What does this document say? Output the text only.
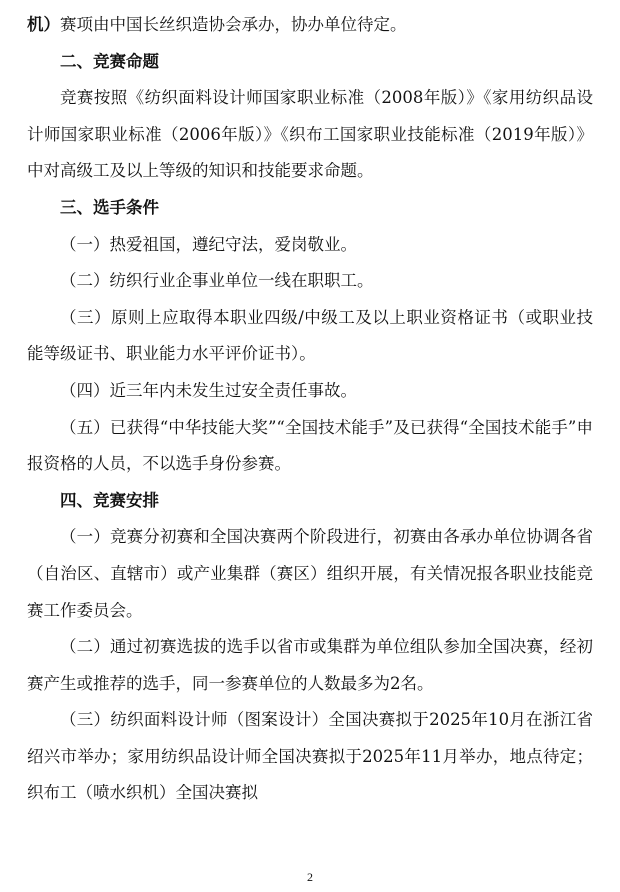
机）赛项由中国长丝织造协会承办，协办单位待定。

二、竞赛命题

竞赛按照《纺织面料设计师国家职业标准（2008年版）》《家用纺织品设计师国家职业标准（2006年版）》《织布工国家职业技能标准（2019年版）》中对高级工及以上等级的知识和技能要求命题。

三、选手条件

（一）热爱祖国，遵纪守法，爱岗敬业。

（二）纺织行业企事业单位一线在职职工。

（三）原则上应取得本职业四级/中级工及以上职业资格证书（或职业技能等级证书、职业能力水平评价证书）。

（四）近三年内未发生过安全责任事故。

（五）已获得“中华技能大奖”“全国技术能手”及已获得“全国技术能手”申报资格的人员，不以选手身份参赛。

四、竞赛安排

（一）竞赛分初赛和全国决赛两个阶段进行，初赛由各承办单位协调各省（自治区、直辖市）或产业集群（赛区）组织开展，有关情况报各职业技能竞赛工作委员会。

（二）通过初赛选拔的选手以省市或集群为单位组队参加全国决赛，经初赛产生或推荐的选手，同一参赛单位的人数最多为2名。

（三）纺织面料设计师（图案设计）全国决赛拟于2025年10月在浙江省绍兴市举办；家用纺织品设计师全国决赛拟于2025年11月举办，地点待定；织布工（喷水织机）全国决赛拟

2
